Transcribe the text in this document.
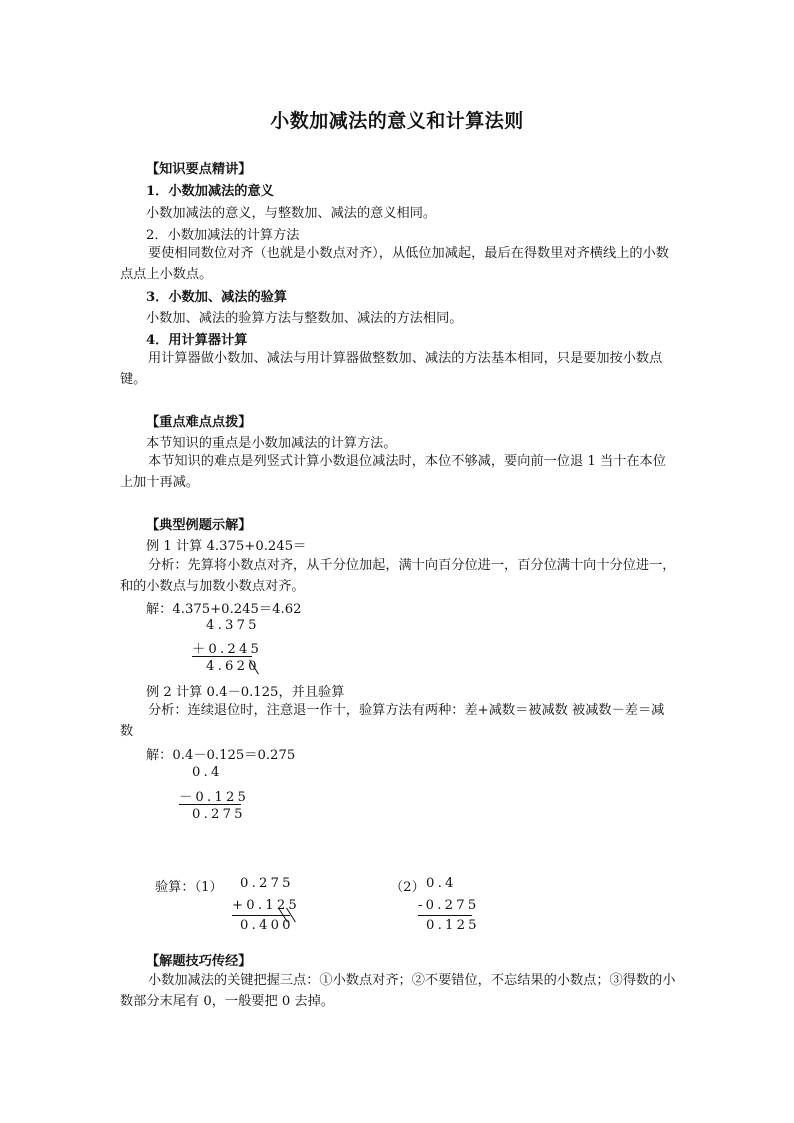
小数加减法的意义和计算法则
【知识要点精讲】
1．小数加减法的意义
小数加减法的意义，与整数加、减法的意义相同。
2．小数加减法的计算方法
要使相同数位对齐（也就是小数点对齐），从低位加减起，最后在得数里对齐横线上的小数点点上小数点。
3．小数加、减法的验算
小数加、减法的验算方法与整数加、减法的方法相同。
4．用计算器计算
用计算器做小数加、减法与用计算器做整数加、减法的方法基本相同，只是要加按小数点键。
【重点难点点拨】
本节知识的重点是小数加减法的计算方法。
本节知识的难点是列竖式计算小数退位减法时，本位不够减，要向前一位退 1 当十在本位上加十再减。
【典型例题示解】
例 1 计算 4.375+0.245＝
分析：先算将小数点对齐，从千分位加起，满十向百分位进一，百分位满十向十分位进一，和的小数点与加数小数点对齐。
解：4.375+0.245＝4.62
4.375
＋0.245
4.620
例 2 计算 0.4－0.125，并且验算
分析：连续退位时，注意退一作十，验算方法有两种：差+减数＝被减数 被减数－差＝减数
解：0.4－0.125＝0.275
0.4
－0.125
0.275
验算：（1） 0.275
+0.125
0.400
（2） 0.4
-0.275
0.125
【解题技巧传经】
小数加减法的关键把握三点：①小数点对齐；②不要错位，不忘结果的小数点；③得数的小数部分末尾有 0，一般要把 0 去掉。
